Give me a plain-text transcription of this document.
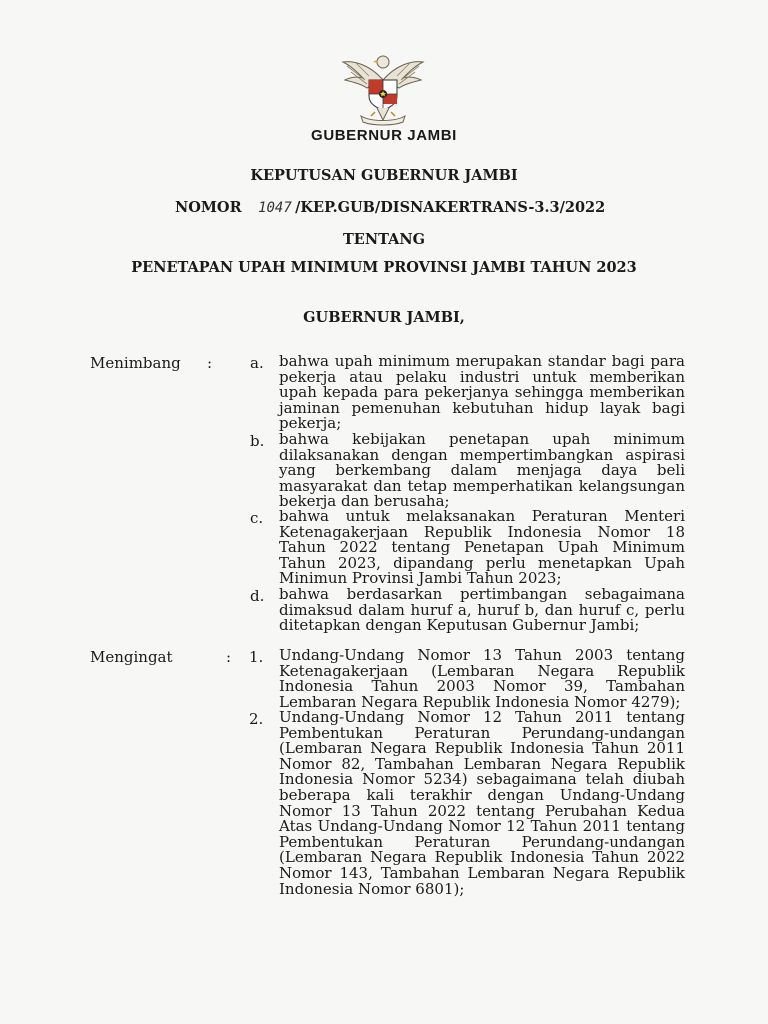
GUBERNUR JAMBI
KEPUTUSAN GUBERNUR JAMBI
NOMOR 1047 /KEP.GUB/DISNAKERTRANS-3.3/2022
TENTANG
PENETAPAN UPAH MINIMUM PROVINSI JAMBI TAHUN 2023
GUBERNUR JAMBI,
Menimbang :	a. bahwa upah minimum merupakan standar bagi para pekerja atau pelaku industri untuk memberikan upah kepada para pekerjanya sehingga memberikan jaminan pemenuhan kebutuhan hidup layak bagi pekerja;
b. bahwa kebijakan penetapan upah minimum dilaksanakan dengan mempertimbangkan aspirasi yang berkembang dalam menjaga daya beli masyarakat dan tetap memperhatikan kelangsungan bekerja dan berusaha;
c. bahwa untuk melaksanakan Peraturan Menteri Ketenagakerjaan Republik Indonesia Nomor 18 Tahun 2022 tentang Penetapan Upah Minimum Tahun 2023, dipandang perlu menetapkan Upah Minimun Provinsi Jambi Tahun 2023;
d. bahwa berdasarkan pertimbangan sebagaimana dimaksud dalam huruf a, huruf b, dan huruf c, perlu ditetapkan dengan Keputusan Gubernur Jambi;
Mengingat	: 1. Undang-Undang Nomor 13 Tahun 2003 tentang Ketenagakerjaan (Lembaran Negara Republik Indonesia Tahun 2003 Nomor 39, Tambahan Lembaran Negara Republik Indonesia Nomor 4279);
2. Undang-Undang Nomor 12 Tahun 2011 tentang Pembentukan Peraturan Perundang-undangan (Lembaran Negara Republik Indonesia Tahun 2011 Nomor 82, Tambahan Lembaran Negara Republik Indonesia Nomor 5234) sebagaimana telah diubah beberapa kali terakhir dengan Undang-Undang Nomor 13 Tahun 2022 tentang Perubahan Kedua Atas Undang-Undang Nomor 12 Tahun 2011 tentang Pembentukan Peraturan Perundang-undangan (Lembaran Negara Republik Indonesia Tahun 2022 Nomor 143, Tambahan Lembaran Negara Republik Indonesia Nomor 6801);
